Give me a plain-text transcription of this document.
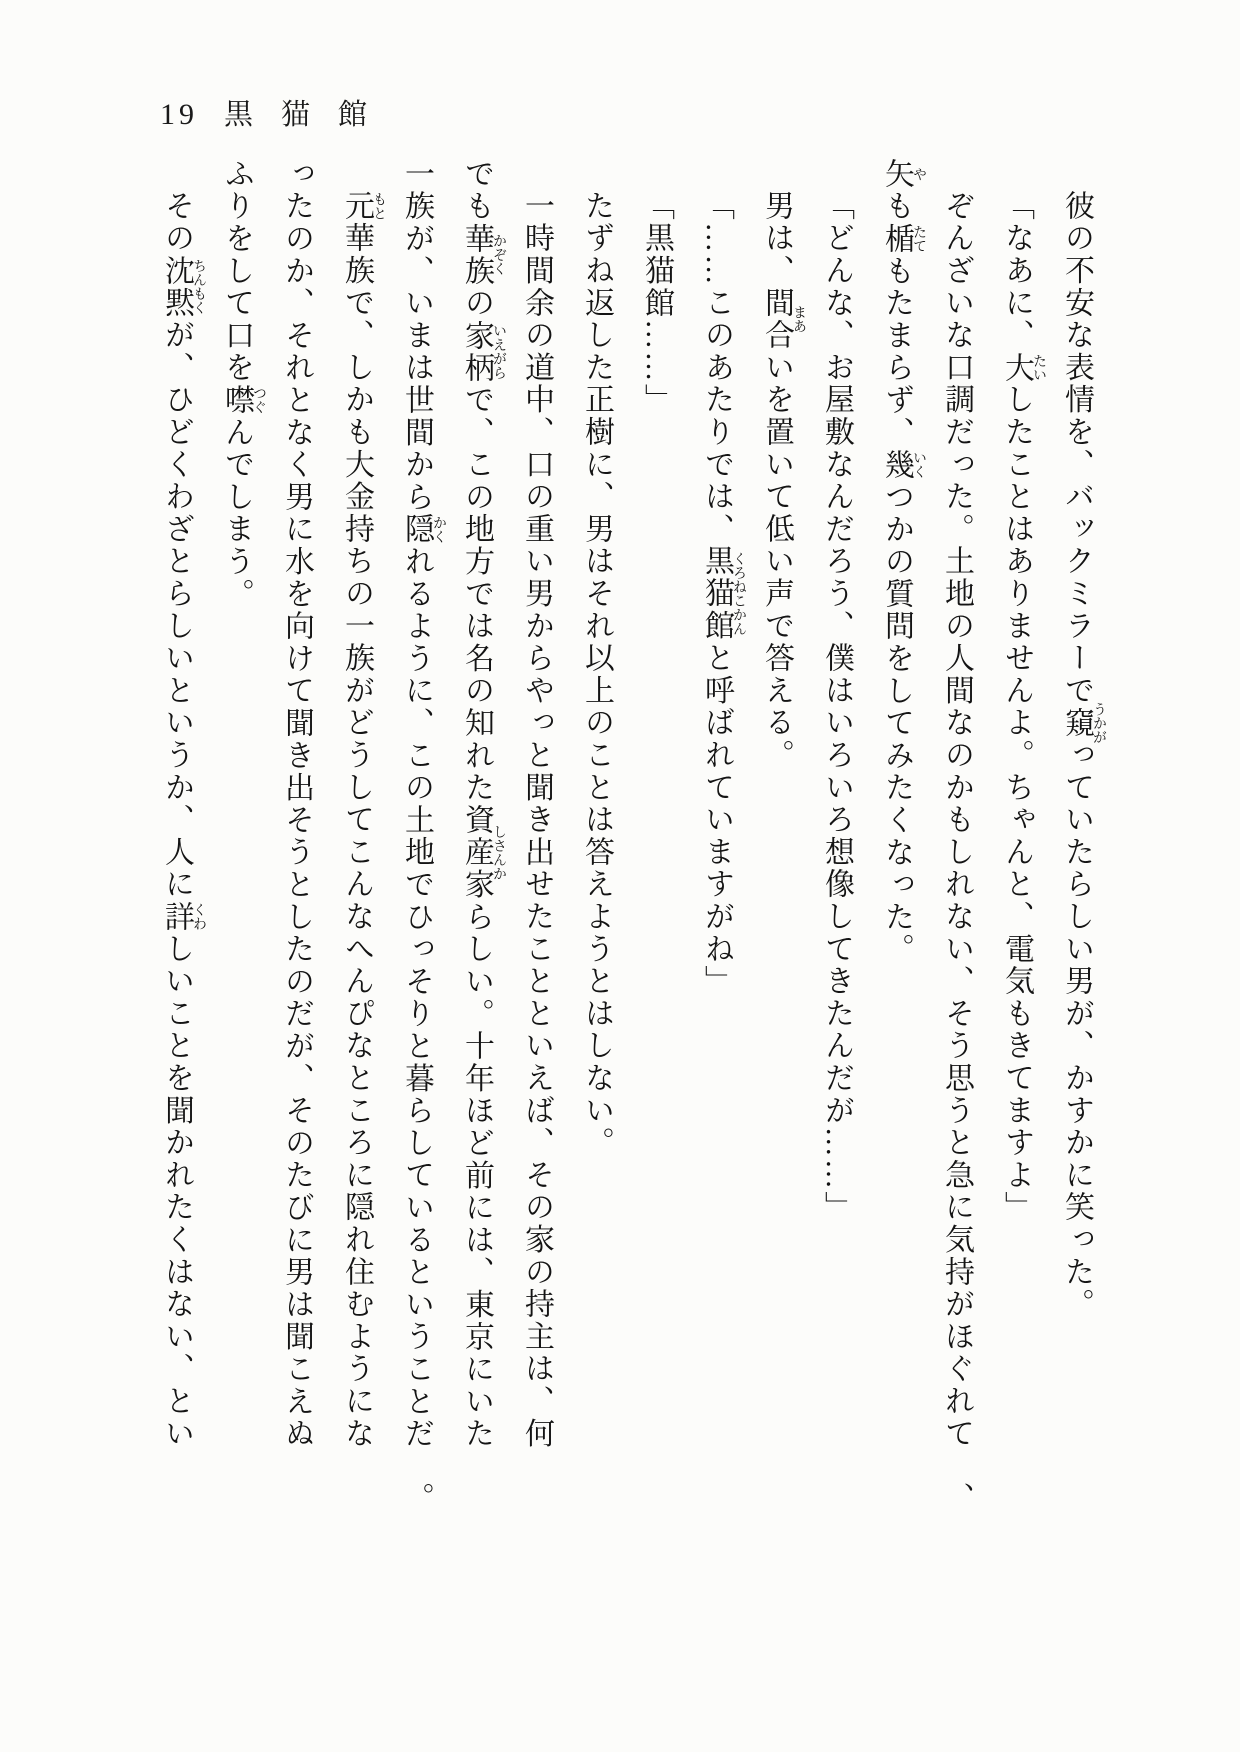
19 黒猫館

彼の不安な表情を、バックミラーで窺うかがっていたらしい男が、かすかに笑った。

「なあに、大たいしたことはありませんよ。ちゃんと、電気もきてますよ」

ぞんざいな口調だった。土地の人間なのかもしれない、そう思うと急に気持がほぐれて、矢やも楯たてもたまらず、幾いくつかの質問をしてみたくなった。

「どんな、お屋敷なんだろう、僕はいろいろ想像してきたんだが……」

男は、間合まあいを置いて低い声で答える。

「……このあたりでは、黒猫館くろねこかんと呼ばれていますがね」

「黒猫館……」

たずね返した正樹に、男はそれ以上のことは答えようとはしない。

一時間余の道中、口の重い男からやっと聞き出せたことといえば、その家の持主は、何でも華族かぞくの家柄いえがらで、この地方では名の知れた資産家しさんからしい。十年ほど前には、東京にいた一族が、いまは世間から隠かくれるように、この土地でひっそりと暮らしているということだ。

元もと華族で、しかも大金持ちの一族がどうしてこんなへんぴなところに隠れ住むようになったのか、それとなく男に水を向けて聞き出そうとしたのだが、そのたびに男は聞こえぬふりをして口を噤つぐんでしまう。

その沈黙ちんもくが、ひどくわざとらしいというか、人に詳くわしいことを聞かれたくはない、とい
